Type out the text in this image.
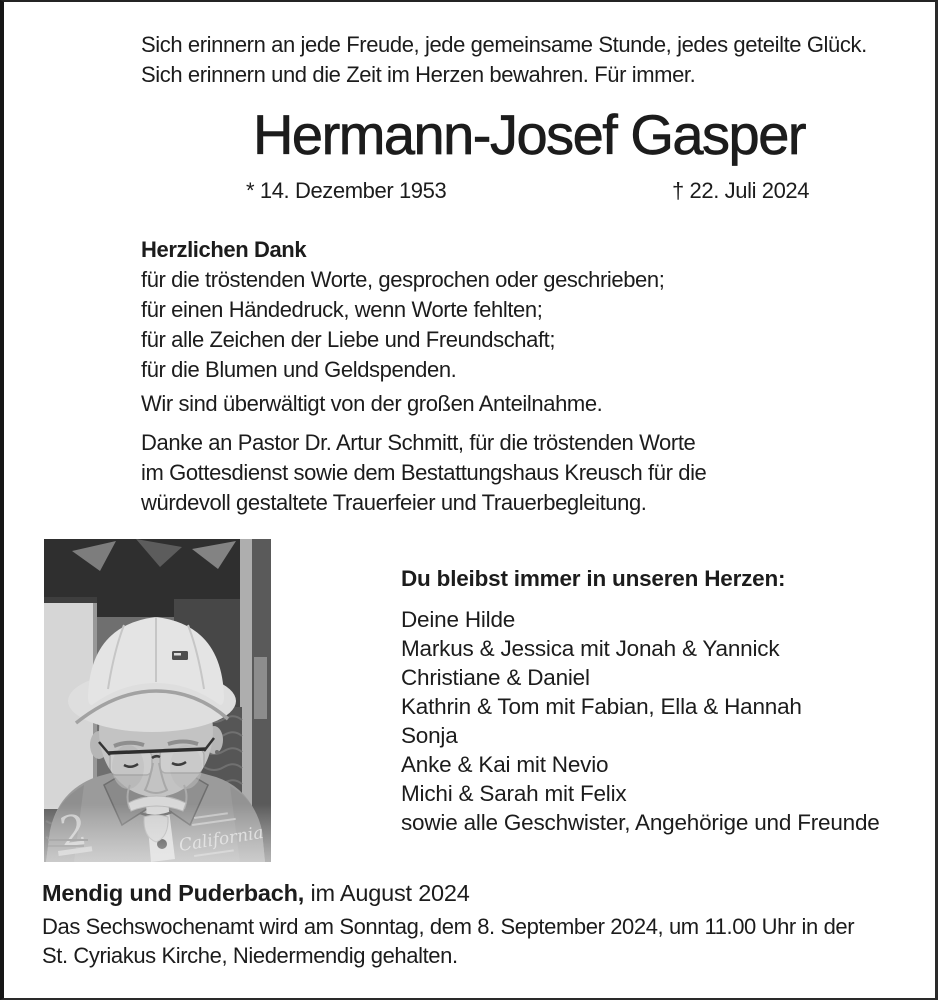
Sich erinnern an jede Freude, jede gemeinsame Stunde, jedes geteilte Glück.
Sich erinnern und die Zeit im Herzen bewahren. Für immer.
Hermann-Josef Gasper
* 14. Dezember 1953	† 22. Juli 2024
Herzlichen Dank
für die tröstenden Worte, gesprochen oder geschrieben;
für einen Händedruck, wenn Worte fehlten;
für alle Zeichen der Liebe und Freundschaft;
für die Blumen und Geldspenden.
Wir sind überwältigt von der großen Anteilnahme.
Danke an Pastor Dr. Artur Schmitt, für die tröstenden Worte
im Gottesdienst sowie dem Bestattungshaus Kreusch für die
würdevoll gestaltete Trauerfeier und Trauerbegleitung.
Du bleibst immer in unseren Herzen:
Deine Hilde
Markus & Jessica mit Jonah & Yannick
Christiane & Daniel
Kathrin & Tom mit Fabian, Ella & Hannah
Sonja
Anke & Kai mit Nevio
Michi & Sarah mit Felix
sowie alle Geschwister, Angehörige und Freunde
Mendig und Puderbach, im August 2024
Das Sechswochenamt wird am Sonntag, dem 8. September 2024, um 11.00 Uhr in der
St. Cyriakus Kirche, Niedermendig gehalten.
